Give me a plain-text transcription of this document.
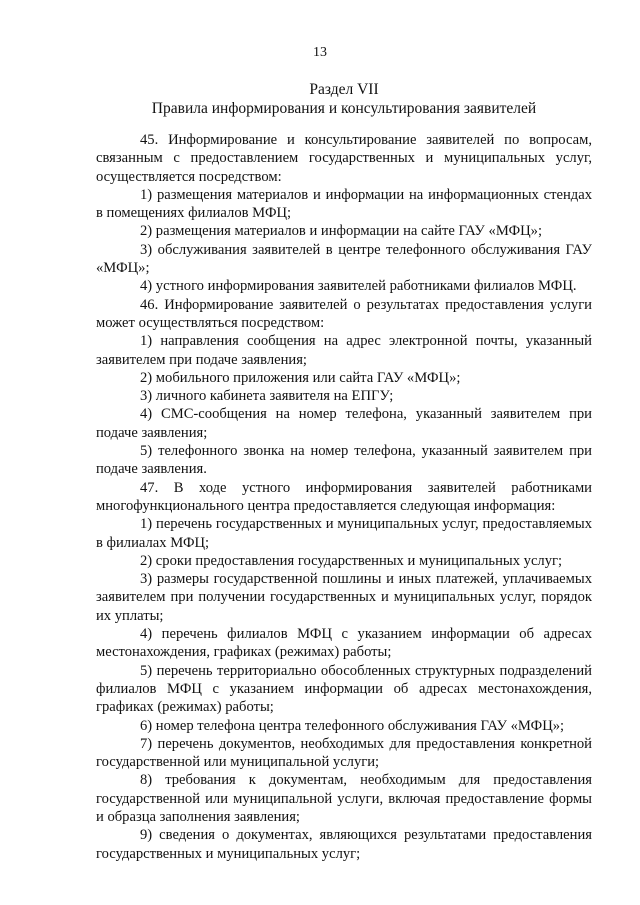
13
Раздел VII
Правила информирования и консультирования заявителей

45. Информирование и консультирование заявителей по вопросам, связанным с предоставлением государственных и муниципальных услуг, осуществляется посредством:

1) размещения материалов и информации на информационных стендах в помещениях филиалов МФЦ;

2) размещения материалов и информации на сайте ГАУ «МФЦ»;

3) обслуживания заявителей в центре телефонного обслуживания ГАУ «МФЦ»;

4) устного информирования заявителей работниками филиалов МФЦ.

46. Информирование заявителей о результатах предоставления услуги может осуществляться посредством:

1) направления сообщения на адрес электронной почты, указанный заявителем при подаче заявления;

2) мобильного приложения или сайта ГАУ «МФЦ»;

3) личного кабинета заявителя на ЕПГУ;

4) СМС-сообщения на номер телефона, указанный заявителем при подаче заявления;

5) телефонного звонка на номер телефона, указанный заявителем при подаче заявления.

47. В ходе устного информирования заявителей работниками многофункционального центра предоставляется следующая информация:

1) перечень государственных и муниципальных услуг, предоставляемых в филиалах МФЦ;

2) сроки предоставления государственных и муниципальных услуг;

3) размеры государственной пошлины и иных платежей, уплачиваемых заявителем при получении государственных и муниципальных услуг, порядок их уплаты;

4) перечень филиалов МФЦ с указанием информации об адресах местонахождения, графиках (режимах) работы;

5) перечень территориально обособленных структурных подразделений филиалов МФЦ с указанием информации об адресах местонахождения, графиках (режимах) работы;

6) номер телефона центра телефонного обслуживания ГАУ «МФЦ»;

7) перечень документов, необходимых для предоставления конкретной государственной или муниципальной услуги;

8) требования к документам, необходимым для предоставления государственной или муниципальной услуги, включая предоставление формы и образца заполнения заявления;

9) сведения о документах, являющихся результатами предоставления государственных и муниципальных услуг;
